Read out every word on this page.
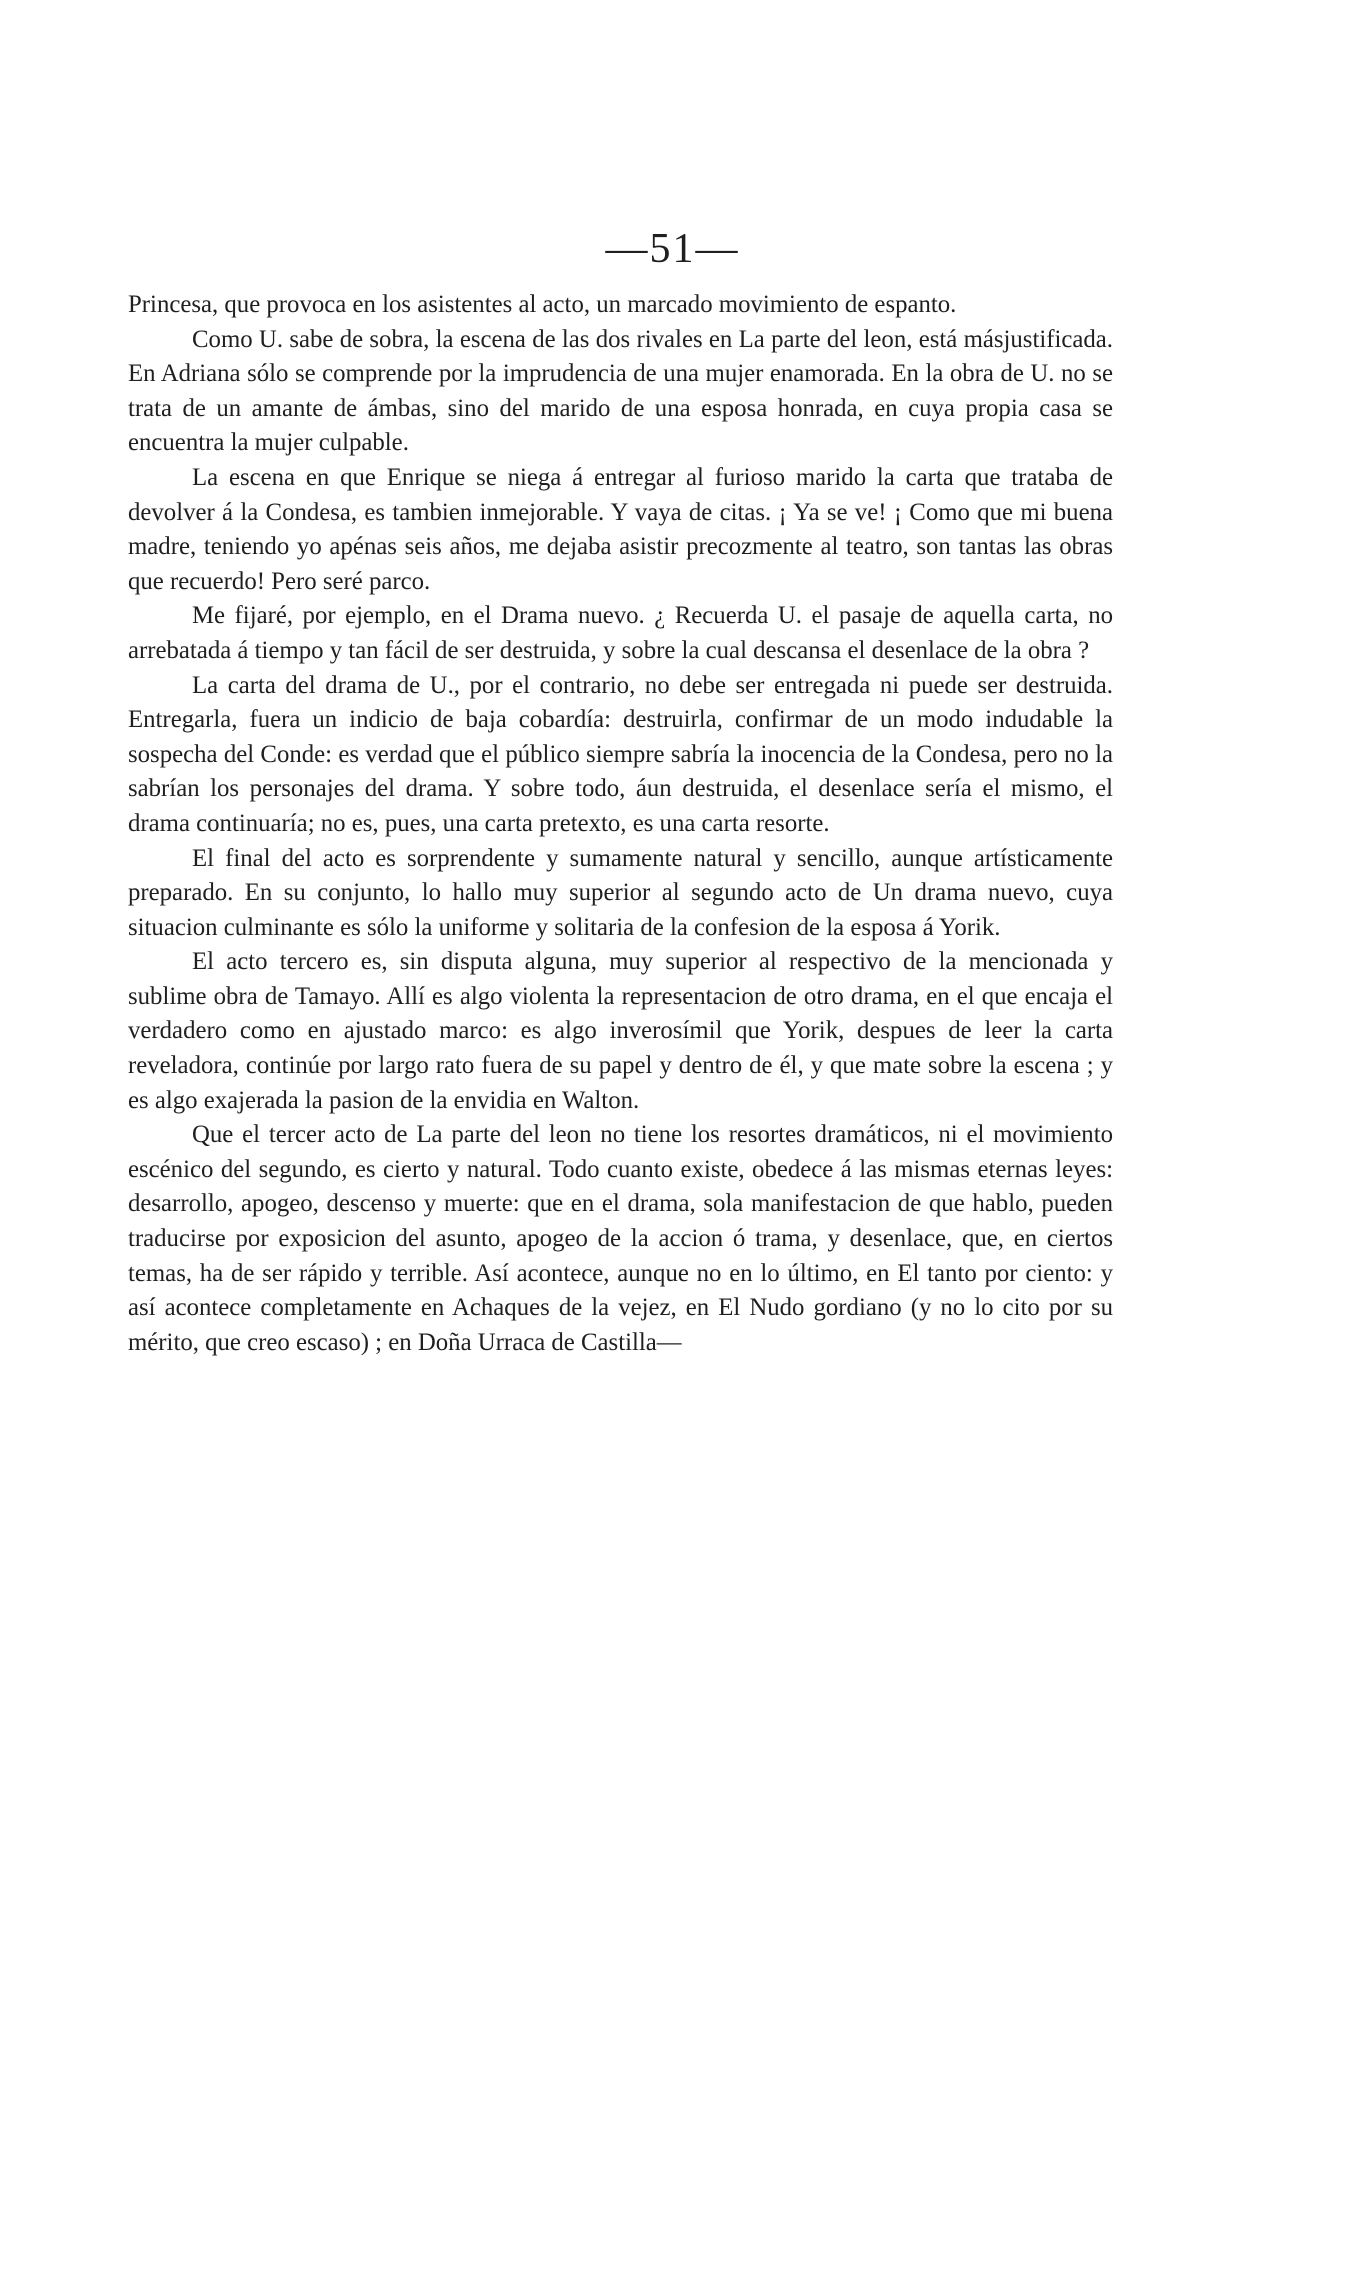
—51—

Princesa, que provoca en los asistentes al acto, un marcado movimiento de espanto.

Como U. sabe de sobra, la escena de las dos rivales en La parte del leon, está másjustificada. En Adriana sólo se comprende por la imprudencia de una mujer enamorada. En la obra de U. no se trata de un amante de ámbas, sino del marido de una esposa honrada, en cuya propia casa se encuentra la mujer culpable.

La escena en que Enrique se niega á entregar al furioso marido la carta que trataba de devolver á la Condesa, es tambien inmejorable. Y vaya de citas. ¡ Ya se ve! ¡ Como que mi buena madre, teniendo yo apénas seis años, me dejaba asistir precozmente al teatro, son tantas las obras que recuerdo! Pero seré parco.

Me fijaré, por ejemplo, en el Drama nuevo. ¿ Recuerda U. el pasaje de aquella carta, no arrebatada á tiempo y tan fácil de ser destruida, y sobre la cual descansa el desenlace de la obra ?

La carta del drama de U., por el contrario, no debe ser entregada ni puede ser destruida. Entregarla, fuera un indicio de baja cobardía: destruirla, confirmar de un modo indudable la sospecha del Conde: es verdad que el público siempre sabría la inocencia de la Condesa, pero no la sabrían los personajes del drama. Y sobre todo, áun destruida, el desenlace sería el mismo, el drama continuaría; no es, pues, una carta pretexto, es una carta resorte.

El final del acto es sorprendente y sumamente natural y sencillo, aunque artísticamente preparado. En su conjunto, lo hallo muy superior al segundo acto de Un drama nuevo, cuya situacion culminante es sólo la uniforme y solitaria de la confesion de la esposa á Yorik.

El acto tercero es, sin disputa alguna, muy superior al respectivo de la mencionada y sublime obra de Tamayo. Allí es algo violenta la representacion de otro drama, en el que encaja el verdadero como en ajustado marco: es algo inverosímil que Yorik, despues de leer la carta reveladora, continúe por largo rato fuera de su papel y dentro de él, y que mate sobre la escena ; y es algo exajerada la pasion de la envidia en Walton.

Que el tercer acto de La parte del leon no tiene los resortes dramáticos, ni el movimiento escénico del segundo, es cierto y natural. Todo cuanto existe, obedece á las mismas eternas leyes: desarrollo, apogeo, descenso y muerte: que en el drama, sola manifestacion de que hablo, pueden traducirse por exposicion del asunto, apogeo de la accion ó trama, y desenlace, que, en ciertos temas, ha de ser rápido y terrible. Así acontece, aunque no en lo último, en El tanto por ciento: y así acontece completamente en Achaques de la vejez, en El Nudo gordiano (y no lo cito por su mérito, que creo escaso) ; en Doña Urraca de Castilla—
